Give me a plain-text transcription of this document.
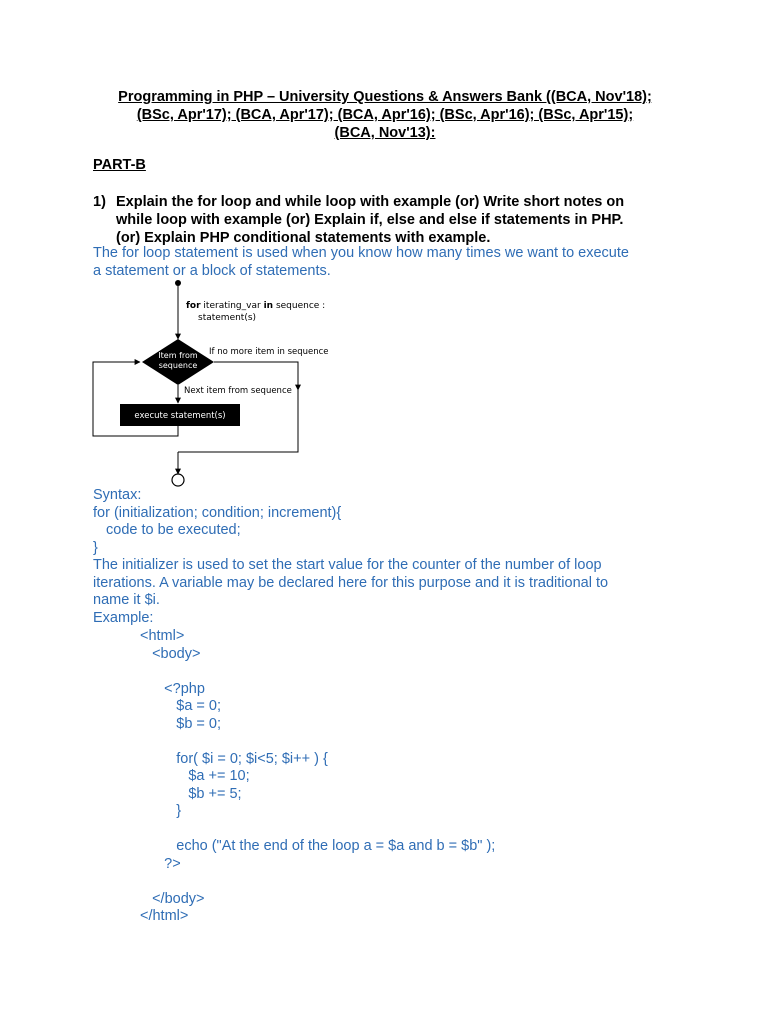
Programming in PHP – University Questions & Answers Bank ((BCA, Nov'18);
(BSc, Apr'17); (BCA, Apr'17); (BCA, Apr'16); (BSc, Apr'16); (BSc, Apr'15);
(BCA, Nov'13):
PART-B
1) Explain the for loop and while loop with example (or) Write short notes on
while loop with example (or) Explain if, else and else if statements in PHP.
(or) Explain PHP conditional statements with example.
The for loop statement is used when you know how many times we want to execute
a statement or a block of statements.
for iterating_var in sequence :
statement(s)
Item from
sequence
If no more item in sequence
Next item from sequence
execute statement(s)
Syntax:
for (initialization; condition; increment){
code to be executed;
}
The initializer is used to set the start value for the counter of the number of loop
iterations. A variable may be declared here for this purpose and it is traditional to
name it $i.
Example:
<html>
<body>
<?php
$a = 0;
$b = 0;
for( $i = 0; $i<5; $i++ ) {
$a += 10;
$b += 5;
}
echo ("At the end of the loop a = $a and b = $b" );
?>
</body>
</html>
